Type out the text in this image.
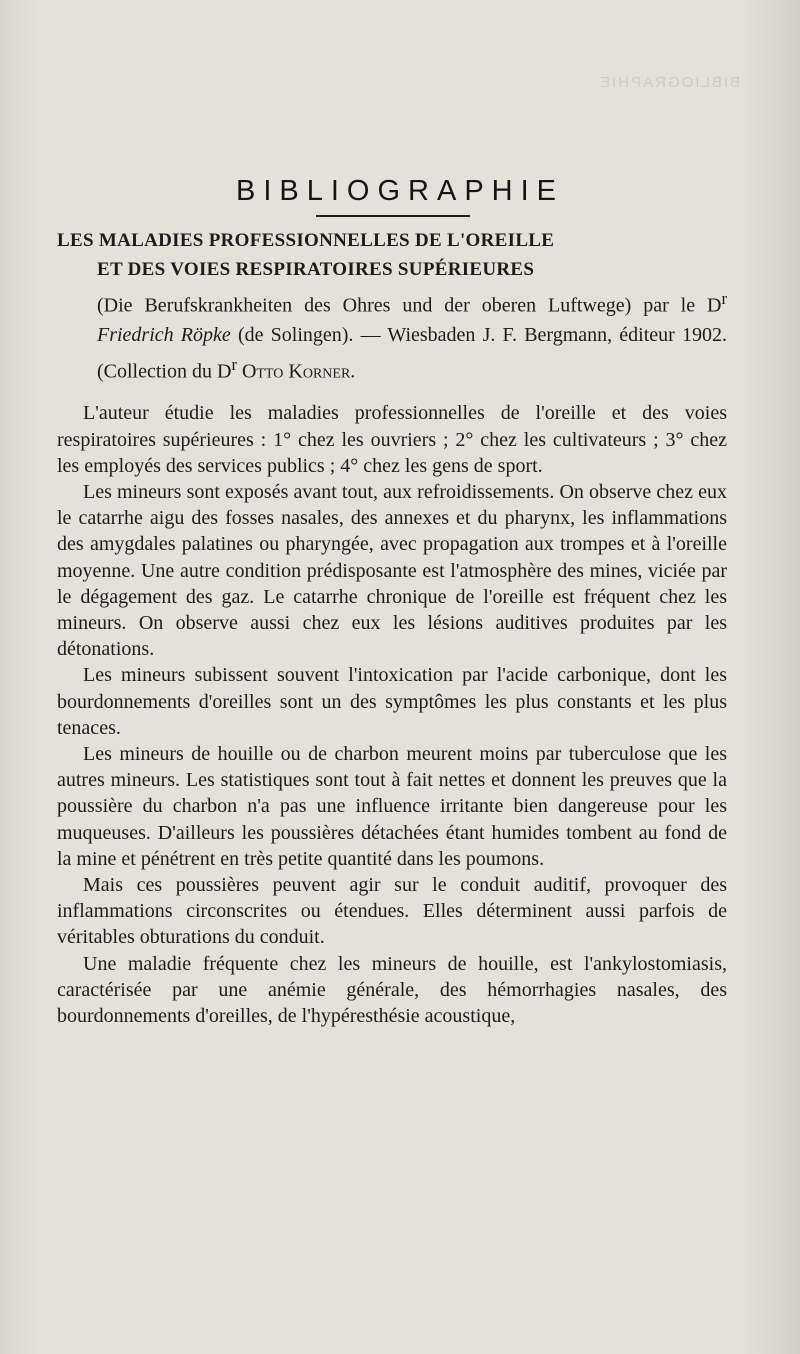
BIBLIOGRAPHIE
BIBLIOGRAPHIE

LES MALADIES PROFESSIONNELLES DE L'OREILLE
ET DES VOIES RESPIRATOIRES SUPÉRIEURES

(Die Berufskrankheiten des Ohres und der oberen Luftwege) par le $D^r$ Friedrich Röpke (de Solingen). — Wiesbaden J. F. Bergmann, éditeur 1902. (Collection du $D^r$ Otto Korner.

L'auteur étudie les maladies professionnelles de l'oreille et des voies respiratoires supérieures : 1° chez les ouvriers ; 2° chez les cultivateurs ; 3° chez les employés des services publics ; 4° chez les gens de sport.

Les mineurs sont exposés avant tout, aux refroidissements. On observe chez eux le catarrhe aigu des fosses nasales, des annexes et du pharynx, les inflammations des amygdales palatines ou pharyngée, avec propagation aux trompes et à l'oreille moyenne. Une autre condition prédisposante est l'atmosphère des mines, viciée par le dégagement des gaz. Le catarrhe chronique de l'oreille est fréquent chez les mineurs. On observe aussi chez eux les lésions auditives produites par les détonations.

Les mineurs subissent souvent l'intoxication par l'acide carbonique, dont les bourdonnements d'oreilles sont un des symptômes les plus constants et les plus tenaces.

Les mineurs de houille ou de charbon meurent moins par tuberculose que les autres mineurs. Les statistiques sont tout à fait nettes et donnent les preuves que la poussière du charbon n'a pas une influence irritante bien dangereuse pour les muqueuses. D'ailleurs les poussières détachées étant humides tombent au fond de la mine et pénétrent en très petite quantité dans les poumons.

Mais ces poussières peuvent agir sur le conduit auditif, provoquer des inflammations circonscrites ou étendues. Elles déterminent aussi parfois de véritables obturations du conduit.

Une maladie fréquente chez les mineurs de houille, est l'ankylostomiasis, caractérisée par une anémie générale, des hémorrhagies nasales, des bourdonnements d'oreilles, de l'hypéresthésie acoustique,
